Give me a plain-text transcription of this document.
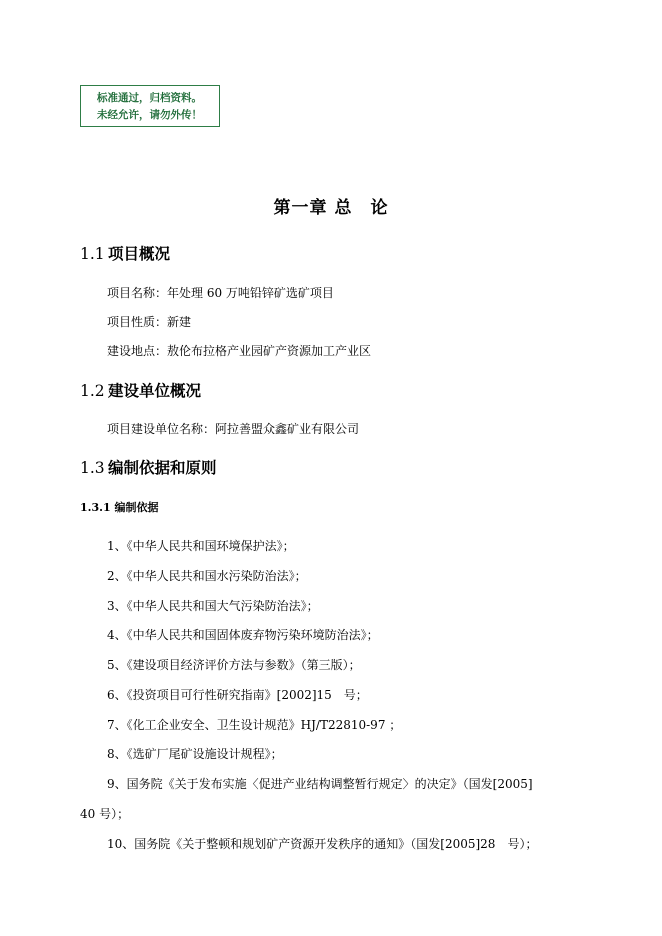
标准通过，归档资料。
未经允许，请勿外传！
第一章 总　论
1.1 项目概况
项目名称：年处理 60 万吨铅锌矿选矿项目
项目性质：新建
建设地点：敖伦布拉格产业园矿产资源加工产业区
1.2 建设单位概况
项目建设单位名称：阿拉善盟众鑫矿业有限公司
1.3 编制依据和原则
1.3.1 编制依据
1、《中华人民共和国环境保护法》；
2、《中华人民共和国水污染防治法》；
3、《中华人民共和国大气污染防治法》；
4、《中华人民共和国固体废弃物污染环境防治法》；
5、《建设项目经济评价方法与参数》（第三版）；
6、《投资项目可行性研究指南》[2002]15　号；
7、《化工企业安全、卫生设计规范》HJ/T22810-97 ；
8、《选矿厂尾矿设施设计规程》；
9、国务院《关于发布实施〈促进产业结构调整暂行规定〉的决定》（国发[2005]
40 号）；
10、国务院《关于整顿和规划矿产资源开发秩序的通知》（国发[2005]28　号）；
